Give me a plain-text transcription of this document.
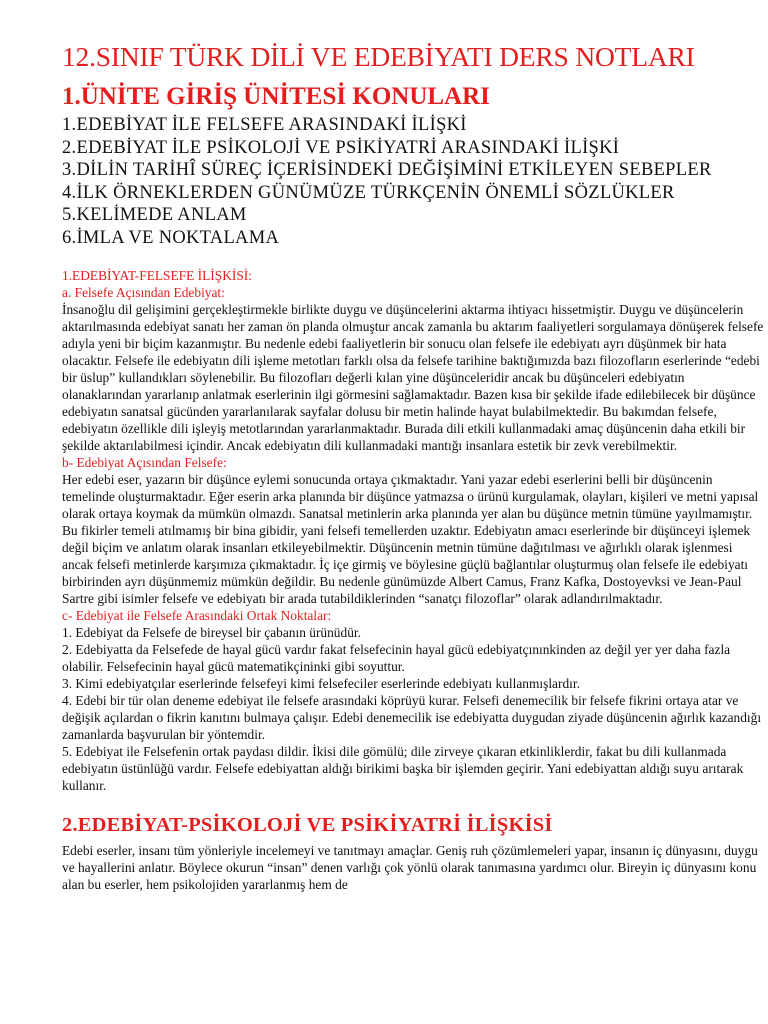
12.SINIF TÜRK DİLİ VE EDEBİYATI DERS NOTLARI
1.ÜNİTE GİRİŞ ÜNİTESİ KONULARI
1.EDEBİYAT İLE FELSEFE ARASINDAKİ İLİŞKİ
2.EDEBİYAT İLE PSİKOLOJİ VE PSİKİYATRİ ARASINDAKİ İLİŞKİ
3.DİLİN TARİHÎ SÜREÇ İÇERİSİNDEKİ DEĞİŞİMİNİ ETKİLEYEN SEBEPLER
4.İLK ÖRNEKLERDEN GÜNÜMÜZE TÜRKÇENİN ÖNEMLİ SÖZLÜKLER
5.KELİMEDE ANLAM
6.İMLA VE NOKTALAMA
1.EDEBİYAT-FELSEFE İLİŞKİSİ:
a. Felsefe Açısından Edebiyat:

İnsanoğlu dil gelişimini gerçekleştirmekle birlikte duygu ve düşüncelerini aktarma ihtiyacı hissetmiştir. Duygu ve düşüncelerin aktarılmasında edebiyat sanatı her zaman ön planda olmuştur ancak zamanla bu aktarım faaliyetleri sorgulamaya dönüşerek felsefe adıyla yeni bir biçim kazanmıştır. Bu nedenle edebi faaliyetlerin bir sonucu olan felsefe ile edebiyatı ayrı düşünmek bir hata olacaktır. Felsefe ile edebiyatın dili işleme metotları farklı olsa da felsefe tarihine baktığımızda bazı filozofların eserlerinde “edebi bir üslup” kullandıkları söylenebilir. Bu filozofları değerli kılan yine düşünceleridir ancak bu düşünceleri edebiyatın olanaklarından yararlanıp anlatmak eserlerinin ilgi görmesini sağlamaktadır. Bazen kısa bir şekilde ifade edilebilecek bir düşünce edebiyatın sanatsal gücünden yararlanılarak sayfalar dolusu bir metin halinde hayat bulabilmektedir. Bu bakımdan felsefe, edebiyatın özellikle dili işleyiş metotlarından yararlanmaktadır. Burada dili etkili kullanmadaki amaç düşüncenin daha etkili bir şekilde aktarılabilmesi içindir. Ancak edebiyatın dili kullanmadaki mantığı insanlara estetik bir zevk verebilmektir.

b- Edebiyat Açısından Felsefe:

Her edebi eser, yazarın bir düşünce eylemi sonucunda ortaya çıkmaktadır. Yani yazar edebi eserlerini belli bir düşüncenin temelinde oluşturmaktadır. Eğer eserin arka planında bir düşünce yatmazsa o ürünü kurgulamak, olayları, kişileri ve metni yapısal olarak ortaya koymak da mümkün olmazdı. Sanatsal metinlerin arka planında yer alan bu düşünce metnin tümüne yayılmamıştır. Bu fikirler temeli atılmamış bir bina gibidir, yani felsefi temellerden uzaktır. Edebiyatın amacı eserlerinde bir düşünceyi işlemek değil biçim ve anlatım olarak insanları etkileyebilmektir. Düşüncenin metnin tümüne dağıtılması ve ağırlıklı olarak işlenmesi ancak felsefi metinlerde karşımıza çıkmaktadır. İç içe girmiş ve böylesine güçlü bağlantılar oluşturmuş olan felsefe ile edebiyatı birbirinden ayrı düşünmemiz mümkün değildir. Bu nedenle günümüzde Albert Camus, Franz Kafka, Dostoyevksi ve Jean-Paul Sartre gibi isimler felsefe ve edebiyatı bir arada tutabildiklerinden “sanatçı filozoflar” olarak adlandırılmaktadır.

c- Edebiyat ile Felsefe Arasındaki Ortak Noktalar:

1. Edebiyat da Felsefe de bireysel bir çabanın ürünüdür.

2. Edebiyatta da Felsefede de hayal gücü vardır fakat felsefecinin hayal gücü edebiyatçınınkinden az değil yer yer daha fazla olabilir. Felsefecinin hayal gücü matematikçininki gibi soyuttur.

3. Kimi edebiyatçılar eserlerinde felsefeyi kimi felsefeciler eserlerinde edebiyatı kullanmışlardır.

4. Edebi bir tür olan deneme edebiyat ile felsefe arasındaki köprüyü kurar. Felsefi denemecilik bir felsefe fikrini ortaya atar ve değişik açılardan o fikrin kanıtını bulmaya çalışır. Edebi denemecilik ise edebiyatta duygudan ziyade düşüncenin ağırlık kazandığı zamanlarda başvurulan bir yöntemdir.

5. Edebiyat ile Felsefenin ortak paydası dildir. İkisi dile gömülü; dile zirveye çıkaran etkinliklerdir, fakat bu dili kullanmada edebiyatın üstünlüğü vardır. Felsefe edebiyattan aldığı birikimi başka bir işlemden geçirir. Yani edebiyattan aldığı suyu arıtarak kullanır.

2.EDEBİYAT-PSİKOLOJİ VE PSİKİYATRİ İLİŞKİSİ

Edebi eserler, insanı tüm yönleriyle incelemeyi ve tanıtmayı amaçlar. Geniş ruh çözümlemeleri yapar, insanın iç dünyasını, duygu ve hayallerini anlatır. Böylece okurun “insan” denen varlığı çok yönlü olarak tanımasına yardımcı olur. Bireyin iç dünyasını konu alan bu eserler, hem psikolojiden yararlanmış hem de
